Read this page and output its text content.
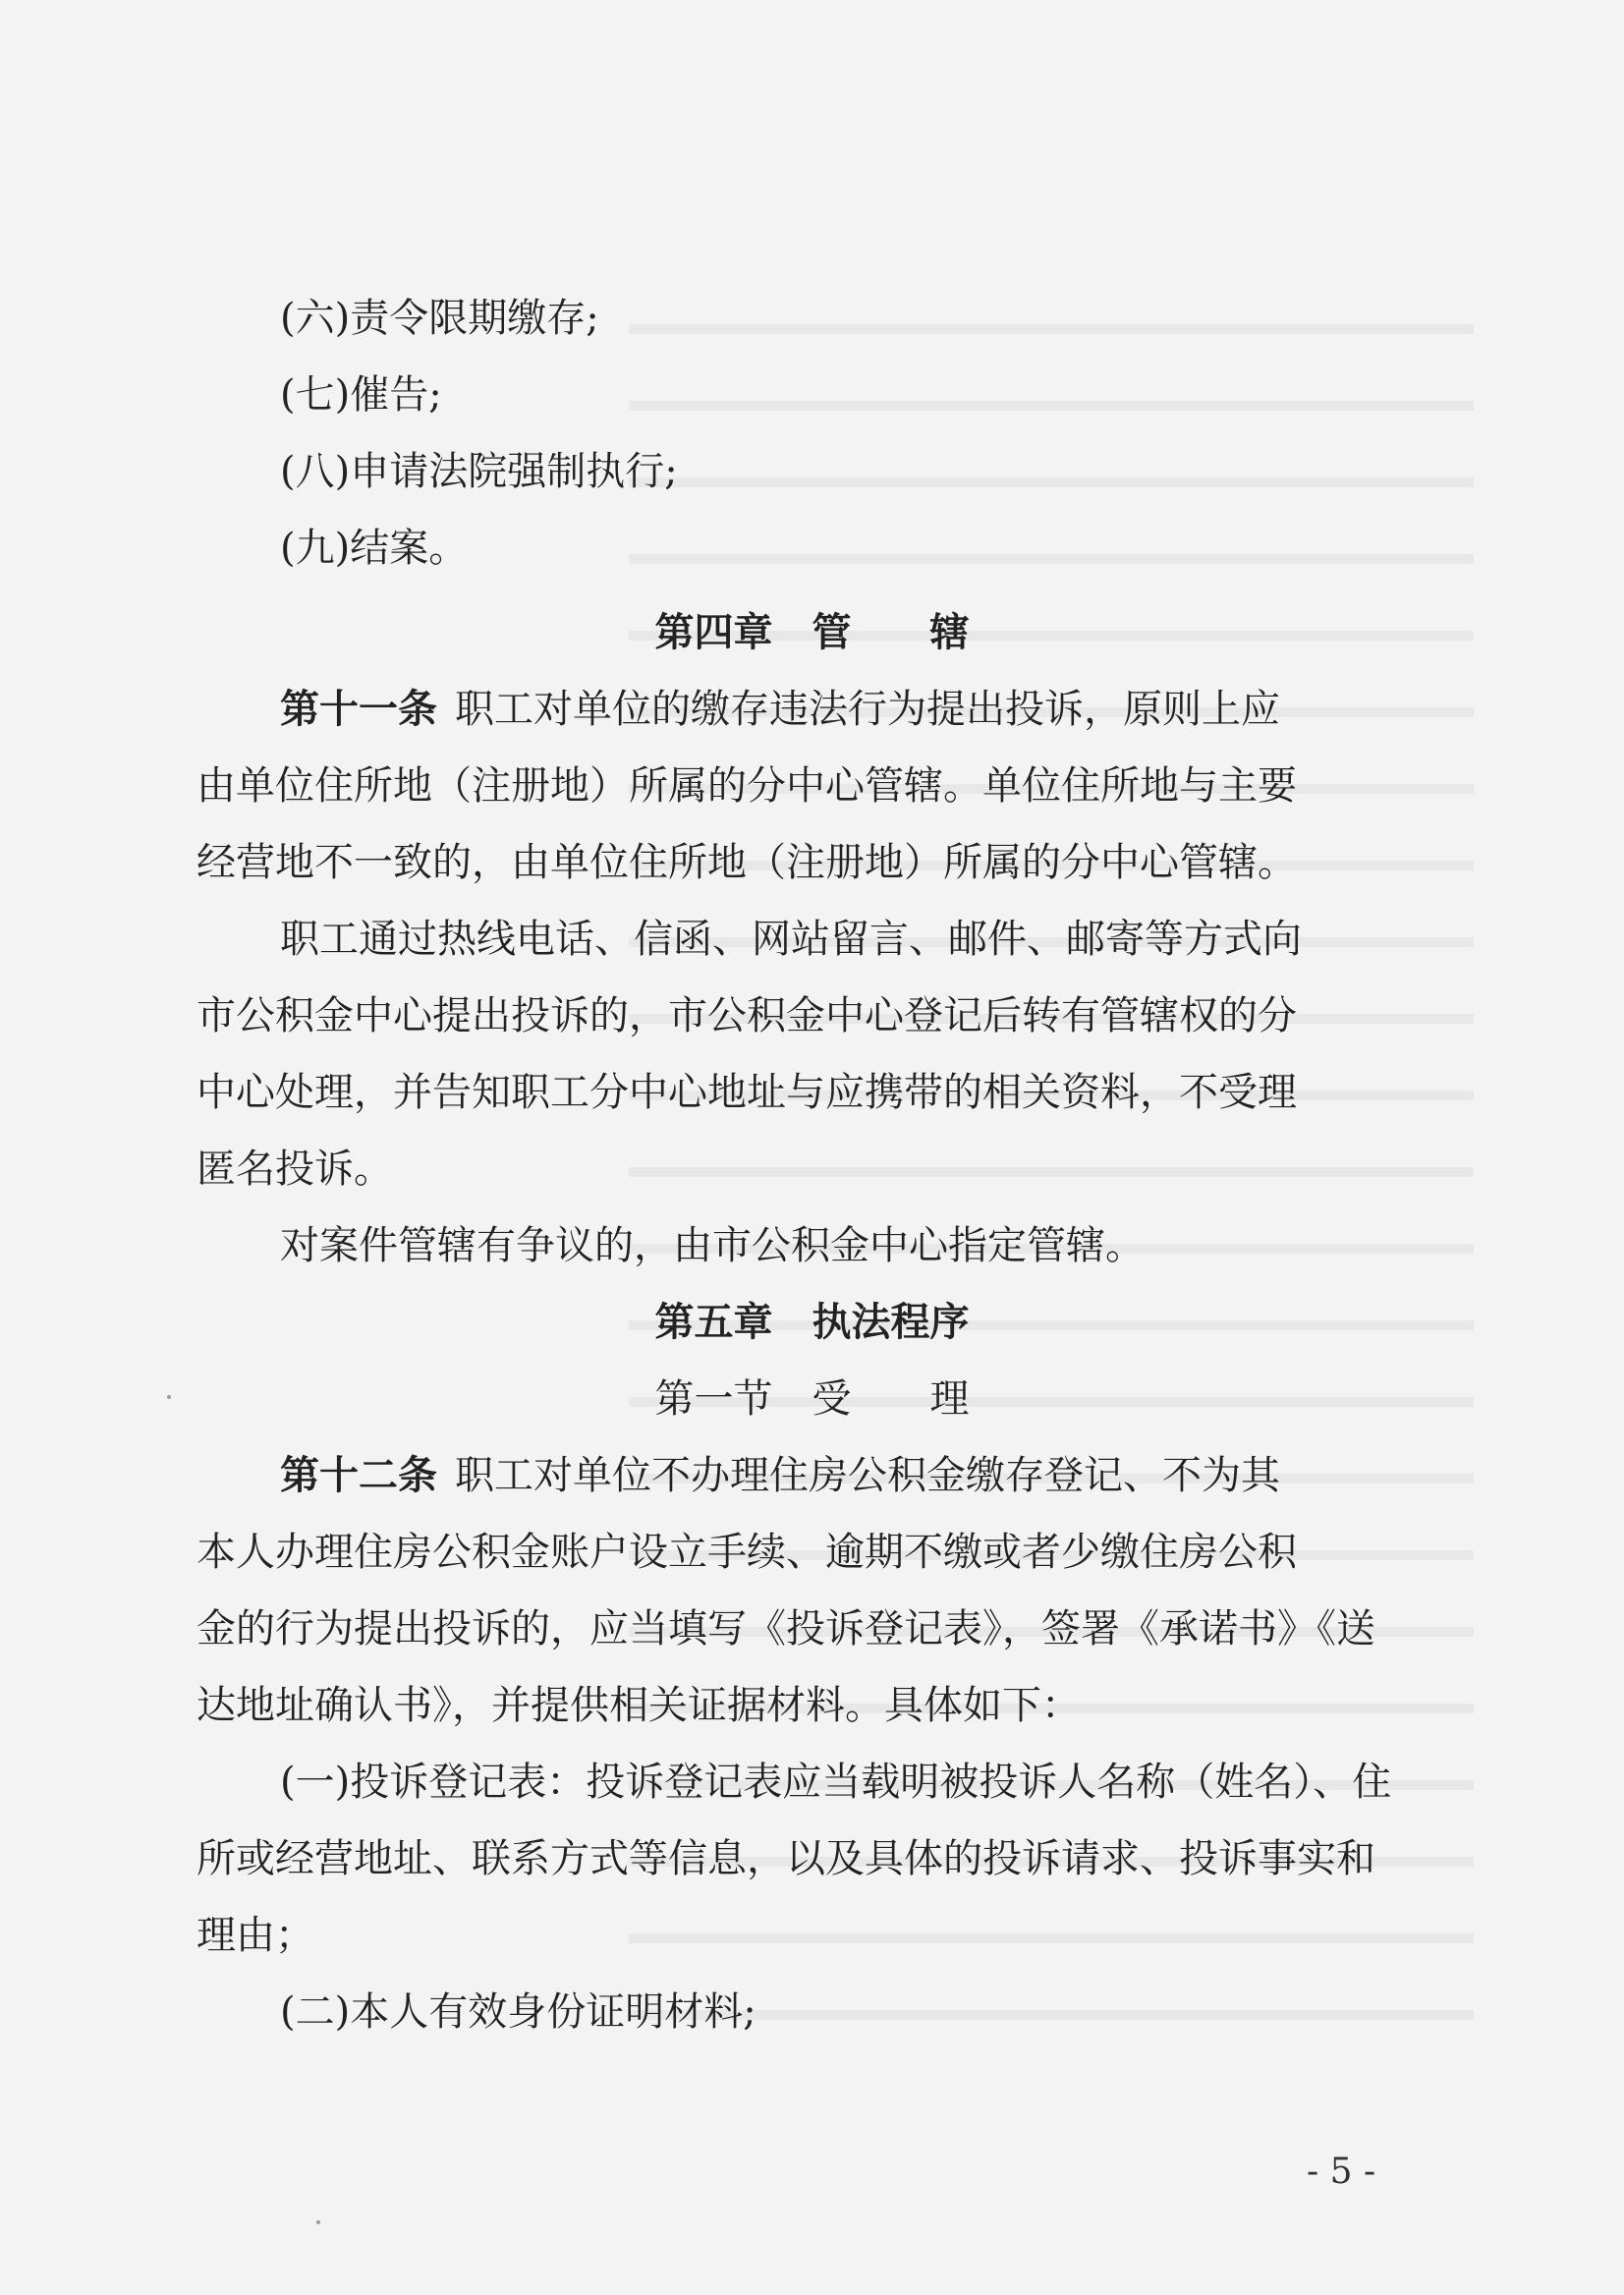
(六)责令限期缴存;
(七)催告;
(八)申请法院强制执行;
(九)结案。
第四章　管　　辖
第十一条 职工对单位的缴存违法行为提出投诉，原则上应
由单位住所地（注册地）所属的分中心管辖。单位住所地与主要
经营地不一致的，由单位住所地（注册地）所属的分中心管辖。
职工通过热线电话、信函、网站留言、邮件、邮寄等方式向
市公积金中心提出投诉的，市公积金中心登记后转有管辖权的分
中心处理，并告知职工分中心地址与应携带的相关资料，不受理
匿名投诉。
对案件管辖有争议的，由市公积金中心指定管辖。
第五章　执法程序
第一节　受　　理
第十二条 职工对单位不办理住房公积金缴存登记、不为其
本人办理住房公积金账户设立手续、逾期不缴或者少缴住房公积
金的行为提出投诉的，应当填写《投诉登记表》，签署《承诺书》《送
达地址确认书》，并提供相关证据材料。具体如下：
(一)投诉登记表：投诉登记表应当载明被投诉人名称（姓名）、住
所或经营地址、联系方式等信息，以及具体的投诉请求、投诉事实和
理由；
(二)本人有效身份证明材料;
- 5 -
